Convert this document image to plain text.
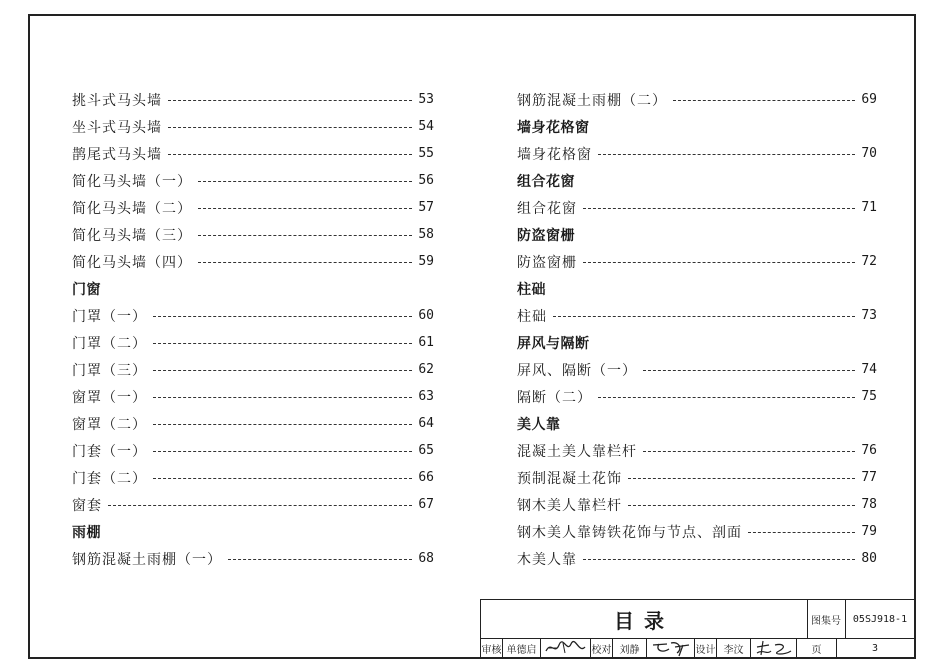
挑斗式马头墙	53
坐斗式马头墙	54
鹊尾式马头墙	55
简化马头墙（一）	56
简化马头墙（二）	57
简化马头墙（三）	58
简化马头墙（四）	59
门窗
门罩（一）	60
门罩（二）	61
门罩（三）	62
窗罩（一）	63
窗罩（二）	64
门套（一）	65
门套（二）	66
窗套	67
雨棚
钢筋混凝土雨棚（一）	68
钢筋混凝土雨棚（二）	69
墙身花格窗
墙身花格窗	70
组合花窗
组合花窗	71
防盗窗栅
防盗窗栅	72
柱础
柱础	73
屏风与隔断
屏风、隔断（一）	74
隔断（二）	75
美人靠
混凝土美人靠栏杆	76
预制混凝土花饰	77
钢木美人靠栏杆	78
钢木美人靠铸铁花饰与节点、剖面	79
木美人靠	80
目录	图集号	05SJ918-1
审核 单德启	校对 刘静	设计 李汶	页	3
